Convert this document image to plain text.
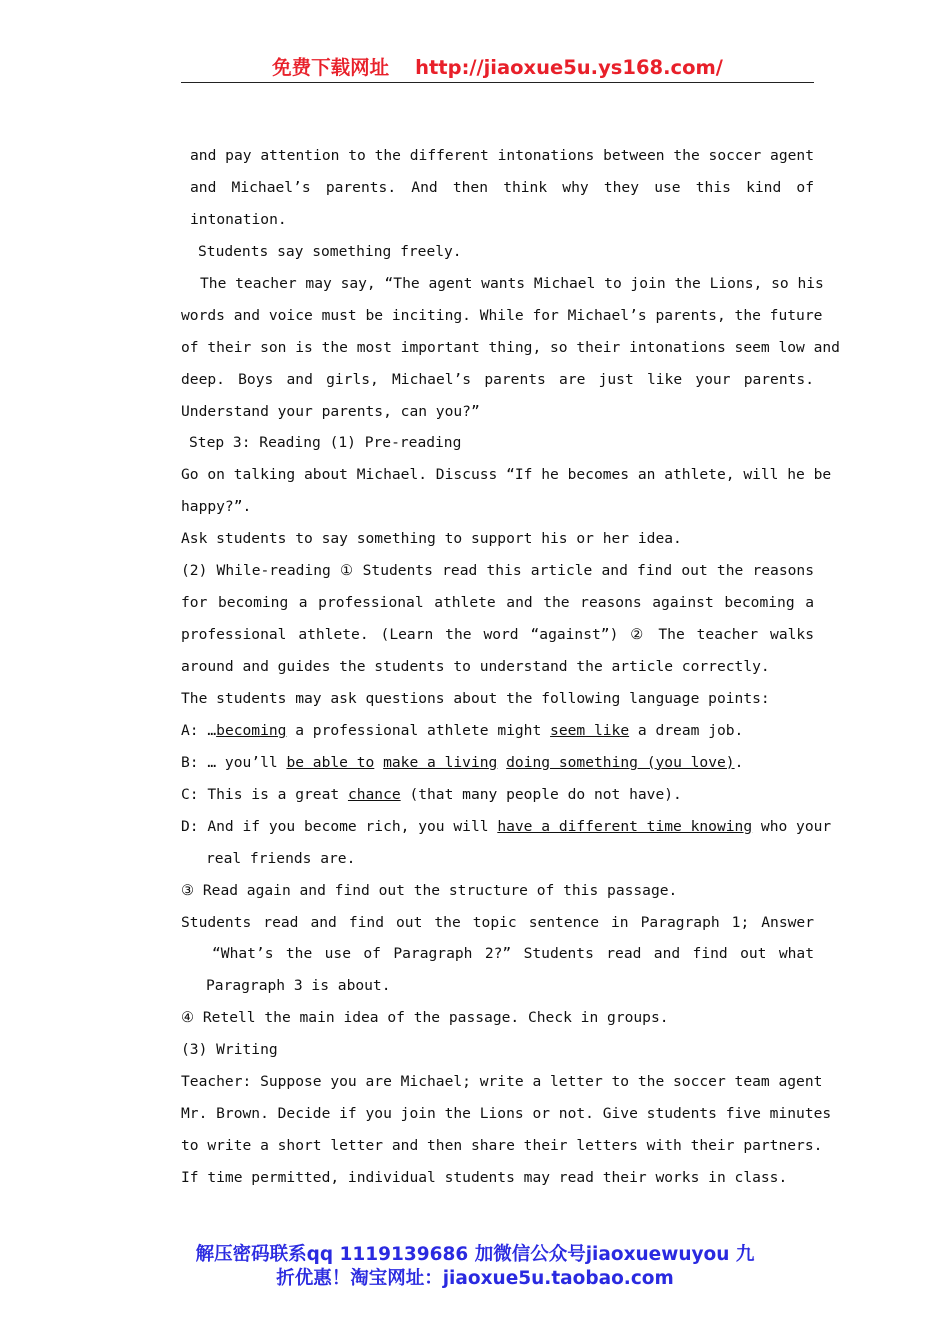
免费下载网址 http://jiaoxue5u.ys168.com/
and pay attention to the different intonations between the soccer agent
and Michael’s parents. And then think why they use this kind of
intonation.
Students say something freely.
The teacher may say, “The agent wants Michael to join the Lions, so his
words and voice must be inciting. While for Michael’s parents, the future
of their son is the most important thing, so their intonations seem low and
deep. Boys and girls, Michael’s parents are just like your parents.
Understand your parents, can you?”
Step 3: Reading (1) Pre-reading
Go on talking about Michael. Discuss “If he becomes an athlete, will he be
happy?”.
Ask students to say something to support his or her idea.
(2) While-reading ① Students read this article and find out the reasons
for becoming a professional athlete and the reasons against becoming a
professional athlete. (Learn the word “against”) ② The teacher walks
around and guides the students to understand the article correctly.
The students may ask questions about the following language points:
A: …becoming a professional athlete might seem like a dream job.
B: … you’ll be able to make a living doing something (you love).
C: This is a great chance (that many people do not have).
D: And if you become rich, you will have a different time knowing who your
real friends are.
③ Read again and find out the structure of this passage.
Students read and find out the topic sentence in Paragraph 1; Answer
“What’s the use of Paragraph 2?” Students read and find out what
Paragraph 3 is about.
④ Retell the main idea of the passage. Check in groups.
(3) Writing
Teacher: Suppose you are Michael; write a letter to the soccer team agent
Mr. Brown. Decide if you join the Lions or not. Give students five minutes
to write a short letter and then share their letters with their partners.
If time permitted, individual students may read their works in class.
解压密码联系qq 1119139686 加微信公众号jiaoxuewuyou 九
折优惠！淘宝网址：jiaoxue5u.taobao.com
